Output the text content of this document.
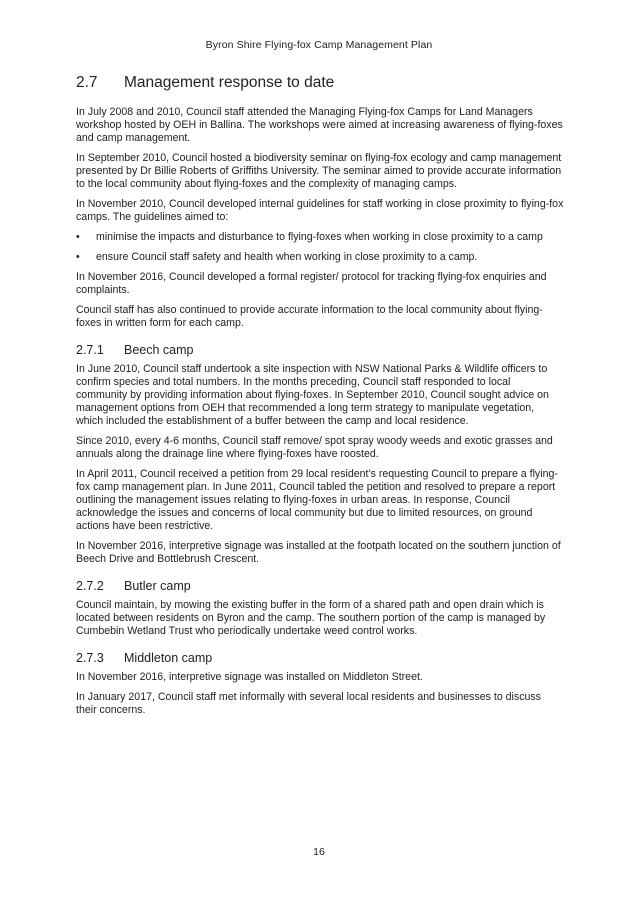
Byron Shire Flying-fox Camp Management Plan
2.7	Management response to date

In July 2008 and 2010, Council staff attended the Managing Flying-fox Camps for Land Managers workshop hosted by OEH in Ballina. The workshops were aimed at increasing awareness of flying-foxes and camp management.

In September 2010, Council hosted a biodiversity seminar on flying-fox ecology and camp management presented by Dr Billie Roberts of Griffiths University. The seminar aimed to provide accurate information to the local community about flying-foxes and the complexity of managing camps.

In November 2010, Council developed internal guidelines for staff working in close proximity to flying-fox camps. The guidelines aimed to:

• minimise the impacts and disturbance to flying-foxes when working in close proximity to a camp
• ensure Council staff safety and health when working in close proximity to a camp.

In November 2016, Council developed a formal register/ protocol for tracking flying-fox enquiries and complaints.

Council staff has also continued to provide accurate information to the local community about flying-foxes in written form for each camp.

2.7.1	Beech camp

In June 2010, Council staff undertook a site inspection with NSW National Parks & Wildlife officers to confirm species and total numbers. In the months preceding, Council staff responded to local community by providing information about flying-foxes. In September 2010, Council sought advice on management options from OEH that recommended a long term strategy to manipulate vegetation, which included the establishment of a buffer between the camp and local residence.

Since 2010, every 4-6 months, Council staff remove/ spot spray woody weeds and exotic grasses and annuals along the drainage line where flying-foxes have roosted.

In April 2011, Council received a petition from 29 local resident’s requesting Council to prepare a flying-fox camp management plan. In June 2011, Council tabled the petition and resolved to prepare a report outlining the management issues relating to flying-foxes in urban areas. In response, Council acknowledge the issues and concerns of local community but due to limited resources, on ground actions have been restrictive.

In November 2016, interpretive signage was installed at the footpath located on the southern junction of Beech Drive and Bottlebrush Crescent.

2.7.2	Butler camp

Council maintain, by mowing the existing buffer in the form of a shared path and open drain which is located between residents on Byron and the camp. The southern portion of the camp is managed by Cumbebin Wetland Trust who periodically undertake weed control works.

2.7.3	Middleton camp

In November 2016, interpretive signage was installed on Middleton Street.

In January 2017, Council staff met informally with several local residents and businesses to discuss their concerns.

16
